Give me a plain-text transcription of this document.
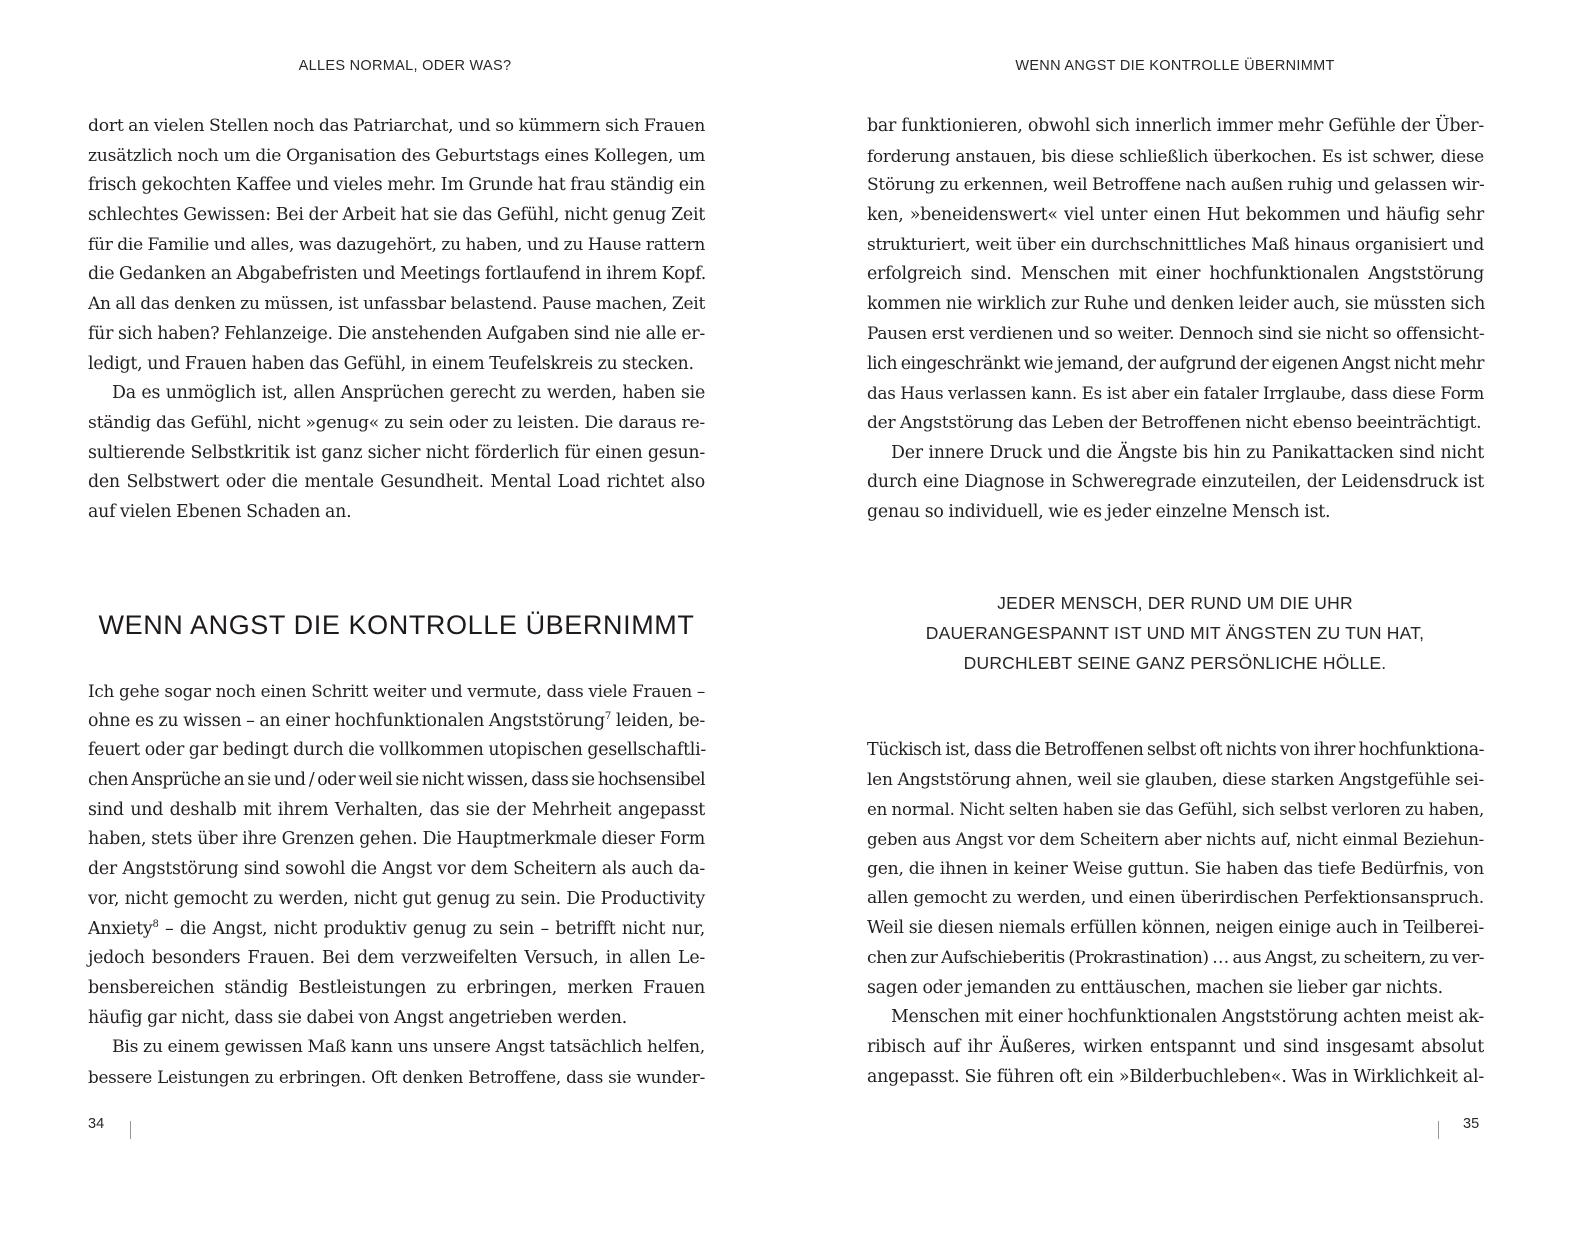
ALLES NORMAL, ODER WAS?
dort an vielen Stellen noch das Patriarchat, und so kümmern sich Frauen
zusätzlich noch um die Organisation des Geburtstags eines Kollegen, um
frisch gekochten Kaffee und vieles mehr. Im Grunde hat frau ständig ein
schlechtes Gewissen: Bei der Arbeit hat sie das Gefühl, nicht genug Zeit
für die Familie und alles, was dazugehört, zu haben, und zu Hause rattern
die Gedanken an Abgabefristen und Meetings fortlaufend in ihrem Kopf.
An all das denken zu müssen, ist unfassbar belastend. Pause machen, Zeit
für sich haben? Fehlanzeige. Die anstehenden Aufgaben sind nie alle er-
ledigt, und Frauen haben das Gefühl, in einem Teufelskreis zu stecken.
Da es unmöglich ist, allen Ansprüchen gerecht zu werden, haben sie
ständig das Gefühl, nicht »genug« zu sein oder zu leisten. Die daraus re-
sultierende Selbstkritik ist ganz sicher nicht förderlich für einen gesun-
den Selbstwert oder die mentale Gesundheit. Mental Load richtet also
auf vielen Ebenen Schaden an.
WENN ANGST DIE KONTROLLE ÜBERNIMMT
Ich gehe sogar noch einen Schritt weiter und vermute, dass viele Frauen –
ohne es zu wissen – an einer hochfunktionalen Angststörung$^7$ leiden, be-
feuert oder gar bedingt durch die vollkommen utopischen gesellschaftli-
chen Ansprüche an sie und / oder weil sie nicht wissen, dass sie hochsensibel
sind und deshalb mit ihrem Verhalten, das sie der Mehrheit angepasst
haben, stets über ihre Grenzen gehen. Die Hauptmerkmale dieser Form
der Angststörung sind sowohl die Angst vor dem Scheitern als auch da-
vor, nicht gemocht zu werden, nicht gut genug zu sein. Die Productivity
Anxiety$^8$ – die Angst, nicht produktiv genug zu sein – betrifft nicht nur,
jedoch besonders Frauen. Bei dem verzweifelten Versuch, in allen Le-
bensbereichen ständig Bestleistungen zu erbringen, merken Frauen
häufig gar nicht, dass sie dabei von Angst angetrieben werden.
Bis zu einem gewissen Maß kann uns unsere Angst tatsächlich helfen,
bessere Leistungen zu erbringen. Oft denken Betroffene, dass sie wunder-
34
WENN ANGST DIE KONTROLLE ÜBERNIMMT
bar funktionieren, obwohl sich innerlich immer mehr Gefühle der Über-
forderung anstauen, bis diese schließlich überkochen. Es ist schwer, diese
Störung zu erkennen, weil Betroffene nach außen ruhig und gelassen wir-
ken, »beneidenswert« viel unter einen Hut bekommen und häufig sehr
strukturiert, weit über ein durchschnittliches Maß hinaus organisiert und
erfolgreich sind. Menschen mit einer hochfunktionalen Angststörung
kommen nie wirklich zur Ruhe und denken leider auch, sie müssten sich
Pausen erst verdienen und so weiter. Dennoch sind sie nicht so offensicht-
lich eingeschränkt wie jemand, der aufgrund der eigenen Angst nicht mehr
das Haus verlassen kann. Es ist aber ein fataler Irrglaube, dass diese Form
der Angststörung das Leben der Betroffenen nicht ebenso beeinträchtigt.
Der innere Druck und die Ängste bis hin zu Panikattacken sind nicht
durch eine Diagnose in Schweregrade einzuteilen, der Leidensdruck ist
genau so individuell, wie es jeder einzelne Mensch ist.
JEDER MENSCH, DER RUND UM DIE UHR
DAUERANGESPANNT IST UND MIT ÄNGSTEN ZU TUN HAT,
DURCHLEBT SEINE GANZ PERSÖNLICHE HÖLLE.
Tückisch ist, dass die Betroffenen selbst oft nichts von ihrer hochfunktiona-
len Angststörung ahnen, weil sie glauben, diese starken Angstgefühle sei-
en normal. Nicht selten haben sie das Gefühl, sich selbst verloren zu haben,
geben aus Angst vor dem Scheitern aber nichts auf, nicht einmal Beziehun-
gen, die ihnen in keiner Weise guttun. Sie haben das tiefe Bedürfnis, von
allen gemocht zu werden, und einen überirdischen Perfektionsanspruch.
Weil sie diesen niemals erfüllen können, neigen einige auch in Teilberei-
chen zur Aufschieberitis (Prokrastination) … aus Angst, zu scheitern, zu ver-
sagen oder jemanden zu enttäuschen, machen sie lieber gar nichts.
Menschen mit einer hochfunktionalen Angststörung achten meist ak-
ribisch auf ihr Äußeres, wirken entspannt und sind insgesamt absolut
angepasst. Sie führen oft ein »Bilderbuchleben«. Was in Wirklichkeit al-
35
